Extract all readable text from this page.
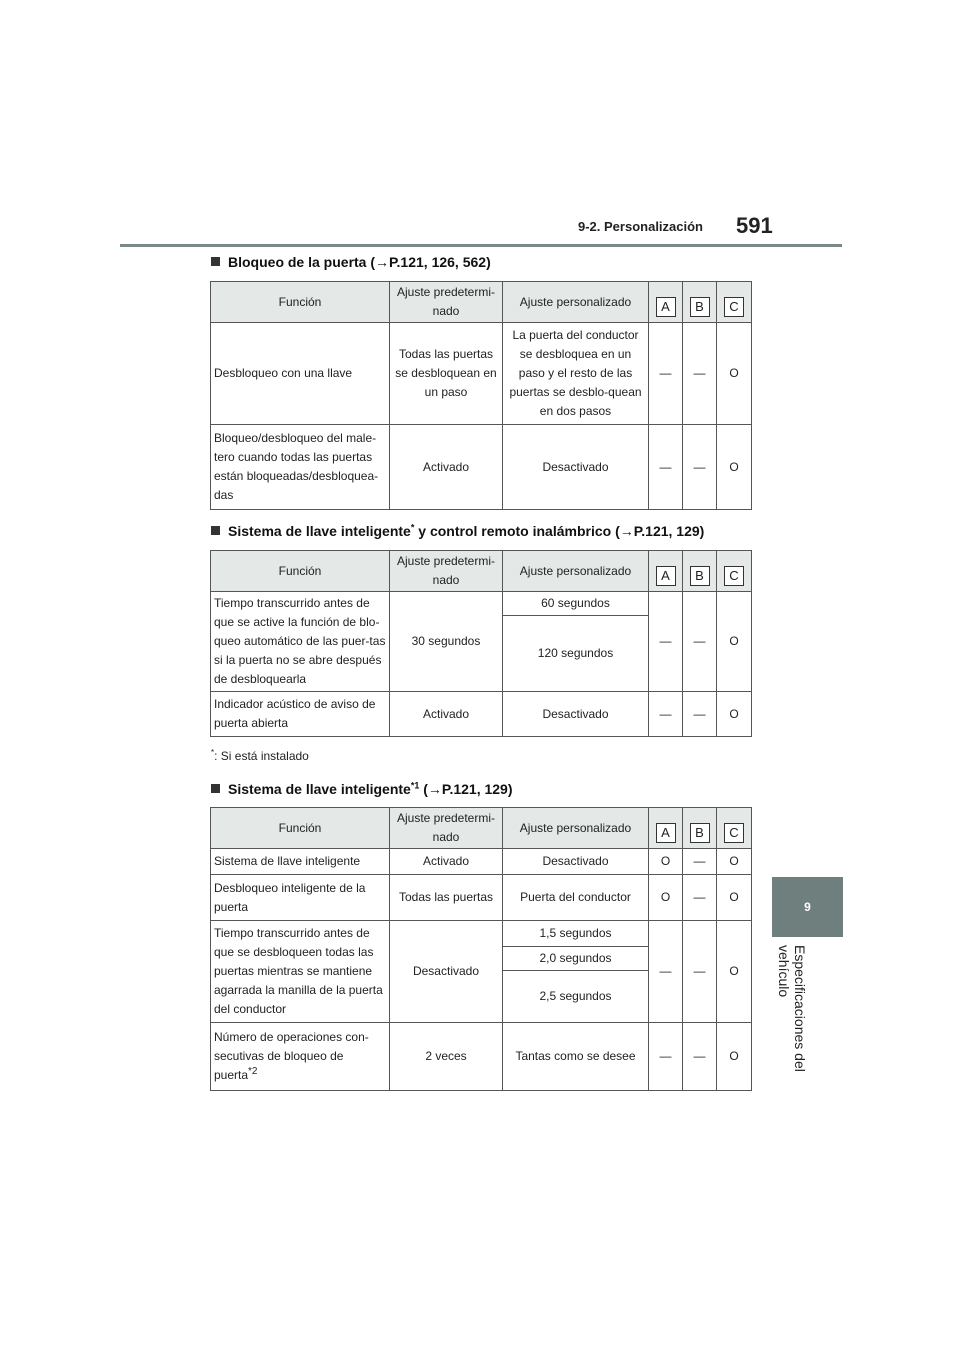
9-2. Personalización 591
9
Especificaciones del vehículo
Bloqueo de la puerta (→P.121, 126, 562)
Función	Ajuste predetermi-nado	Ajuste personalizado	A	B	C
Desbloqueo con una llave	Todas las puertas se desbloquean en un paso	La puerta del conductor se desbloquea en un paso y el resto de las puertas se desblo-quean en dos pasos	—	—	O
Bloqueo/desbloqueo del male-tero cuando todas las puertas están bloqueadas/desbloquea-das	Activado	Desactivado	—	—	O
Sistema de llave inteligente* y control remoto inalámbrico (→P.121, 129)
Función	Ajuste predetermi-nado	Ajuste personalizado	A	B	C
Tiempo transcurrido antes de que se active la función de blo-queo automático de las puer-tas si la puerta no se abre después de desbloquearla	30 segundos	60 segundos	—	—	O
		120 segundos			
Indicador acústico de aviso de puerta abierta	Activado	Desactivado	—	—	O
*: Si está instalado
Sistema de llave inteligente$^{*1}$ (→P.121, 129)
Función	Ajuste predetermi-nado	Ajuste personalizado	A	B	C
Sistema de llave inteligente	Activado	Desactivado	O	—	O
Desbloqueo inteligente de la puerta	Todas las puertas	Puerta del conductor	O	—	O
Tiempo transcurrido antes de que se desbloqueen todas las puertas mientras se mantiene agarrada la manilla de la puerta del conductor	Desactivado	1,5 segundos	—	—	O
		2,0 segundos			
		2,5 segundos			
Número de operaciones con-secutivas de bloqueo de puerta$^{*2}$	2 veces	Tantas como se desee	—	—	O
